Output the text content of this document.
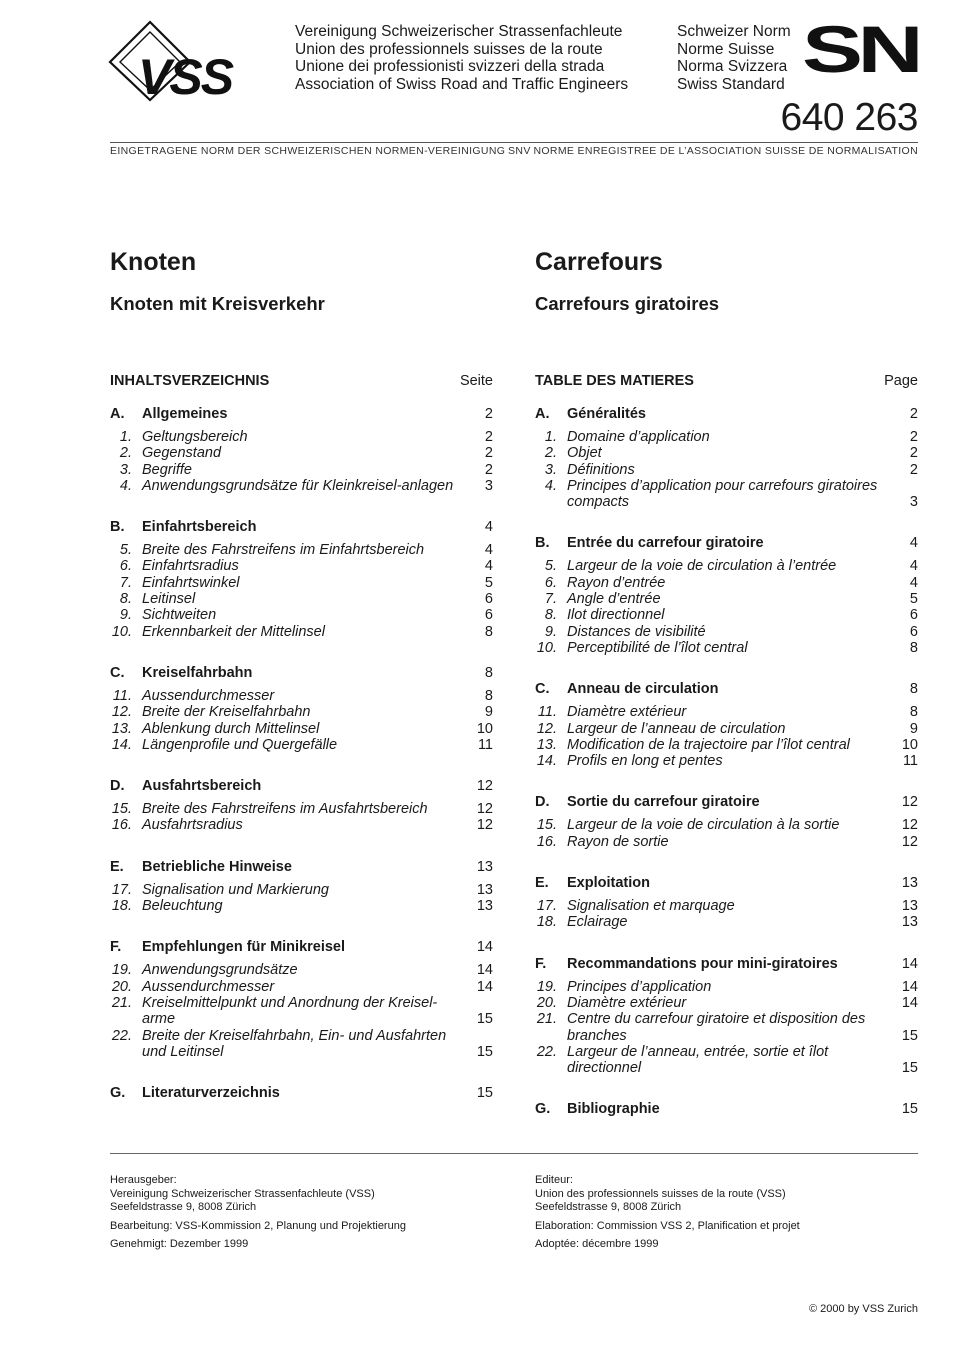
VSS
Vereinigung Schweizerischer Strassenfachleute
Union des professionnels suisses de la route
Unione dei professionisti svizzeri della strada
Association of Swiss Road and Traffic Engineers
Schweizer Norm
Norme Suisse
Norma Svizzera
Swiss Standard SN
640 263
EINGETRAGENE NORM DER SCHWEIZERISCHEN NORMEN-VEREINIGUNG SNV NORME ENREGISTREE DE L’ASSOCIATION SUISSE DE NORMALISATION
Knoten
Knoten mit Kreisverkehr
INHALTSVERZEICHNIS	Seite
A.	Allgemeines	2
1. Geltungsbereich	2
2. Gegenstand	2
3. Begriffe	2
4. Anwendungsgrundsätze für Kleinkreisel-anlagen	3
B.	Einfahrtsbereich	4
5. Breite des Fahrstreifens im Einfahrtsbereich	4
6. Einfahrtsradius	4
7. Einfahrtswinkel	5
8. Leitinsel	6
9. Sichtweiten	6
10. Erkennbarkeit der Mittelinsel	8
C.	Kreiselfahrbahn	8
11. Aussendurchmesser	8
12. Breite der Kreiselfahrbahn	9
13. Ablenkung durch Mittelinsel	10
14. Längenprofile und Quergefälle	11
D.	Ausfahrtsbereich	12
15. Breite des Fahrstreifens im Ausfahrtsbereich	12
16. Ausfahrtsradius	12
E.	Betriebliche Hinweise	13
17. Signalisation und Markierung	13
18. Beleuchtung	13
F.	Empfehlungen für Minikreisel	14
19. Anwendungsgrundsätze	14
20. Aussendurchmesser	14
21. Kreiselmittelpunkt und Anordnung der Kreisel-arme	15
22. Breite der Kreiselfahrbahn, Ein- und Ausfahrten und Leitinsel	15
G.	Literaturverzeichnis	15
Carrefours
Carrefours giratoires
TABLE DES MATIERES	Page
A.	Généralités	2
1. Domaine d’application	2
2. Objet	2
3. Définitions	2
4. Principes d’application pour carrefours giratoires compacts	3
B.	Entrée du carrefour giratoire	4
5. Largeur de la voie de circulation à l’entrée	4
6. Rayon d’entrée	4
7. Angle d’entrée	5
8. Ilot directionnel	6
9. Distances de visibilité	6
10. Perceptibilité de l’îlot central	8
C.	Anneau de circulation	8
11. Diamètre extérieur	8
12. Largeur de l’anneau de circulation	9
13. Modification de la trajectoire par l’îlot central	10
14. Profils en long et pentes	11
D.	Sortie du carrefour giratoire	12
15. Largeur de la voie de circulation à la sortie	12
16. Rayon de sortie	12
E.	Exploitation	13
17. Signalisation et marquage	13
18. Eclairage	13
F.	Recommandations pour mini-giratoires	14
19. Principes d’application	14
20. Diamètre extérieur	14
21. Centre du carrefour giratoire et disposition des branches	15
22. Largeur de l’anneau, entrée, sortie et îlot directionnel	15
G.	Bibliographie	15
Herausgeber:
Vereinigung Schweizerischer Strassenfachleute (VSS)
Seefeldstrasse 9, 8008 Zürich
Bearbeitung: VSS-Kommission 2, Planung und Projektierung
Genehmigt: Dezember 1999
Editeur:
Union des professionnels suisses de la route (VSS)
Seefeldstrasse 9, 8008 Zürich
Elaboration: Commission VSS 2, Planification et projet
Adoptée: décembre 1999
© 2000 by VSS Zurich
